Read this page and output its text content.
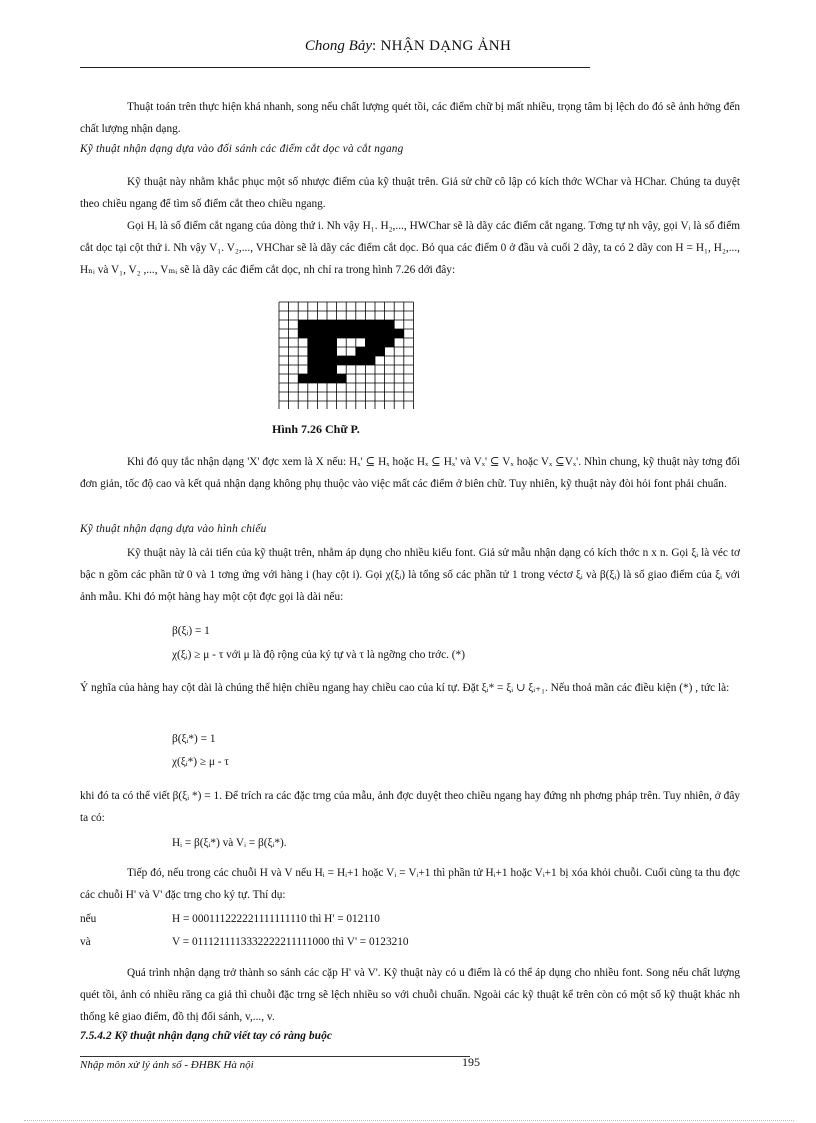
Chong Bảy: NHẬN DẠNG ẢNH
Thuật toán trên thực hiện khá nhanh, song nếu chất lượng quét tồi, các điểm chữ bị mất nhiều, trọng tâm bị lệch do đó sẽ ảnh hởng đến chất lượng nhận dạng.
Kỹ thuật nhận dạng dựa vào đối sánh các điểm cắt dọc và cắt ngang
Kỹ thuật này nhằm khắc phục một số nhược điểm của kỹ thuật trên. Giả sử chữ cô lập có kích thớc WChar và HChar. Chúng ta duyệt theo chiều ngang để tìm số điểm cắt theo chiều ngang.
Gọi Hᵢ là số điểm cắt ngang của dòng thứ i. Nh vậy H₁. H₂,..., HWChar sẽ là dãy các điểm cắt ngang. Tơng tự nh vậy, gọi Vᵢ là số điểm cắt dọc tại cột thứ i. Nh vậy V₁. V₂,..., VHChar sẽ là dãy các điểm cắt dọc. Bỏ qua các điểm 0 ở đầu và cuối 2 dãy, ta có 2 dãy con H = H₁, H₂,..., Hₙᵢ và V₁, V₂ ,..., Vₘᵢ sẽ là dãy các điểm cắt dọc, nh chỉ ra trong hình 7.26 dới đây:
Hình 7.26 Chữ P.
Khi đó quy tắc nhận dạng 'X' đợc xem là X nếu: Hₓ' ⊆ Hₓ hoặc Hₓ ⊆ Hₓ' và Vₓ' ⊆ Vₓ hoặc Vₓ ⊆Vₓ'. Nhìn chung, kỹ thuật này tơng đối đơn giản, tốc độ cao và kết quả nhận dạng không phụ thuộc vào việc mất các điểm ở biên chữ. Tuy nhiên, kỹ thuật này đòi hỏi font phải chuẩn.
Kỹ thuật nhận dạng dựa vào hình chiếu
Kỹ thuật này là cải tiến của kỹ thuật trên, nhằm áp dụng cho nhiều kiểu font. Giả sử mẫu nhận dạng có kích thớc n x n. Gọi ξᵢ là véc tơ bậc n gồm các phần tử 0 và 1 tơng ứng với hàng i (hay cột i). Gọi χ(ξᵢ) là tổng số các phần tử 1 trong véctơ ξᵢ và β(ξᵢ) là số giao điểm của ξᵢ với ảnh mẫu. Khi đó một hàng hay một cột đợc gọi là dài nếu:
β(ξᵢ) = 1
χ(ξᵢ) ≥ μ - τ với μ là độ rộng của ký tự và τ là ngỡng cho trớc. (*)
Ý nghĩa của hàng hay cột dài là chúng thể hiện chiều ngang hay chiều cao của kí tự. Đặt ξᵢ* = ξᵢ ∪ ξᵢ₊₁. Nếu thoả mãn các điều kiện (*) , tức là:
β(ξᵢ*) = 1
χ(ξᵢ*) ≥ μ - τ
khi đó ta có thể viết β(ξᵢ *) = 1. Để trích ra các đặc trng của mẫu, ảnh đợc duyệt theo chiều ngang hay đứng nh phơng pháp trên. Tuy nhiên, ở đây ta có:
Hᵢ = β(ξᵢ*) và Vᵢ = β(ξᵢ*).
Tiếp đó, nếu trong các chuỗi H và V nếu Hᵢ = Hᵢ+1 hoặc Vᵢ = Vᵢ+1 thì phần tử Hᵢ+1 hoặc Vᵢ+1 bị xóa khỏi chuỗi. Cuối cùng ta thu đợc các chuỗi H' và V' đặc trng cho ký tự. Thí dụ:
nếu	H = 000111222221111111110 thì H' = 012110
và	V = 0111211113332222211111000 thì V' = 0123210
Quá trình nhận dạng trở thành so sánh các cặp H' và V'. Kỹ thuật này có u điểm là có thể áp dụng cho nhiều font. Song nếu chất lượng quét tồi, ảnh có nhiều răng ca giả thì chuỗi đặc trng sẽ lệch nhiều so với chuỗi chuẩn. Ngoài các kỹ thuật kể trên còn có một số kỹ thuật khác nh thống kê giao điểm, đồ thị đối sánh, v,..., v.
7.5.4.2 Kỹ thuật nhận dạng chữ viết tay có ràng buộc
Nhập môn xử lý ảnh số - ĐHBK Hà nội	195
